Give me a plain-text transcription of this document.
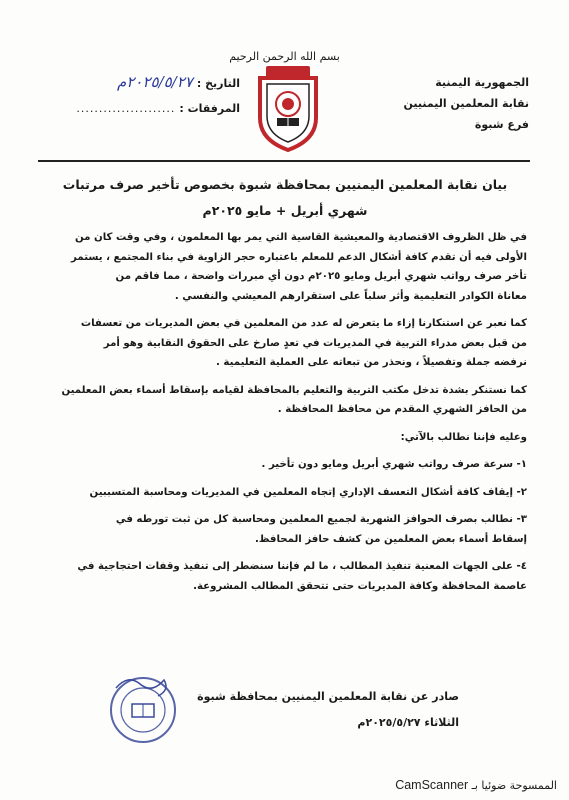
بسم الله الرحمن الرحيم
الجمهورية اليمنية
نقابة المعلمين اليمنيين
فرع شبوة
التاريخ :
٢٠٢٥/٥/٢٧م
المرفقات :
......................
بيان نقابة المعلمين اليمنيين بمحافظة شبوة بخصوص تأخير صرف مرتبات
شهري أبريل + مايو ٢٠٢٥م
في ظل الظروف الاقتصادية والمعيشية القاسية التي يمر بها المعلمون ، وفي وقت كان من
الأولى فيه أن تقدم كافة أشكال الدعم للمعلم باعتباره حجر الزاوية في بناء المجتمع ، يستمر
تأخر صرف رواتب شهري أبريل ومايو ٢٠٢٥م دون أي مبررات واضحة ، مما فاقم من
معاناة الكوادر التعليمية وأثر سلباً على استقرارهم المعيشي والنفسي .
كما نعبر عن استنكارنا إزاء ما يتعرض له عدد من المعلمين في بعض المديريات من تعسفات
من قبل بعض مدراء التربية في المديريات في تعدٍ صارخ على الحقوق النقابية وهو أمر
نرفضه جملة وتفصيلاً ، ونحذر من تبعاته على العملية التعليمية .
كما نستنكر بشدة تدخل مكتب التربية والتعليم بالمحافظة لقيامه بإسقاط أسماء بعض المعلمين
من الحافز الشهري المقدم من محافظ المحافظة .
وعليه فإننا نطالب بالآتي:
١- سرعة صرف رواتب شهري أبريل ومايو دون تأخير .
٢- إيقاف كافة أشكال التعسف الإداري إتجاه المعلمين في المديريات ومحاسبة المتسببين
٣- نطالب بصرف الحوافز الشهرية لجميع المعلمين ومحاسبة كل من ثبت تورطه في
إسقاط أسماء بعض المعلمين من كشف حافز المحافظ.
٤- على الجهات المعنية تنفيذ المطالب ، ما لم فإننا سنضطر إلى تنفيذ وقفات احتجاجية في
عاصمة المحافظة وكافة المديريات حتى تتحقق المطالب المشروعة.
صادر عن نقابة المعلمين اليمنيين بمحافظة شبوة
الثلاثاء ٢٠٢٥/٥/٢٧م
الممسوحة ضوئيا بـ CamScanner
